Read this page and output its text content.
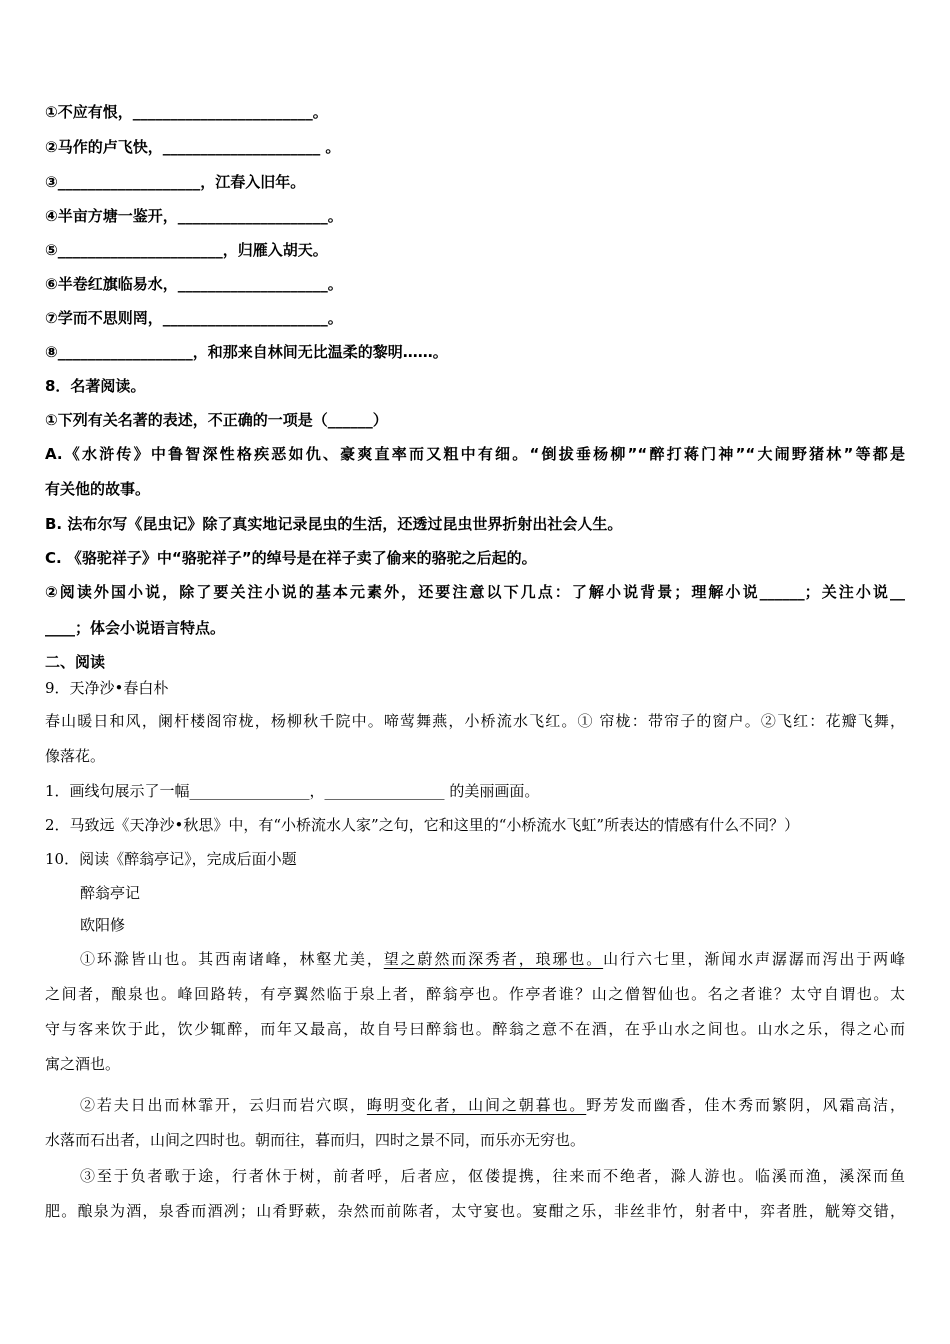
①不应有恨，________________________。
②马作的卢飞快，_____________________ 。
③___________________，江春入旧年。
④半亩方塘一鉴开，____________________。
⑤______________________，归雁入胡天。
⑥半卷红旗临易水，____________________。
⑦学而不思则罔，______________________。
⑧__________________，和那来自林间无比温柔的黎明……。
8．名著阅读。
①下列有关名著的表述，不正确的一项是（______）
A.《水浒传》中鲁智深性格疾恶如仇、豪爽直率而又粗中有细。“倒拔垂杨柳”“醉打蒋门神”“大闹野猪林”等都是
有关他的故事。
B. 法布尔写《昆虫记》除了真实地记录昆虫的生活，还透过昆虫世界折射出社会人生。
C. 《骆驼祥子》中“骆驼祥子”的绰号是在祥子卖了偷来的骆驼之后起的。
②阅读外国小说，除了要关注小说的基本元素外，还要注意以下几点：了解小说背景；理解小说______；关注小说__
____；体会小说语言特点。
二、阅读
9．天净沙•春白朴
春山暖日和风，阑杆楼阁帘栊，杨柳秋千院中。啼莺舞燕，小桥流水飞红。① 帘栊：带帘子的窗户。②飞红：花瓣飞舞，
像落花。
1．画线句展示了一幅________________，________________ 的美丽画面。
2．马致远《天净沙•秋思》中，有“小桥流水人家”之句，它和这里的“小桥流水飞虹”所表达的情感有什么不同？）
10．阅读《醉翁亭记》，完成后面小题
醉翁亭记
欧阳修
①环滁皆山也。其西南诸峰，林壑尤美，望之蔚然而深秀者，琅琊也。山行六七里，渐闻水声潺潺而泻出于两峰
之间者，酿泉也。峰回路转，有亭翼然临于泉上者，醉翁亭也。作亭者谁？山之僧智仙也。名之者谁？太守自谓也。太
守与客来饮于此，饮少辄醉，而年又最高，故自号曰醉翁也。醉翁之意不在酒，在乎山水之间也。山水之乐，得之心而
寓之酒也。
②若夫日出而林霏开，云归而岩穴暝，晦明变化者，山间之朝暮也。野芳发而幽香，佳木秀而繁阴，风霜高洁，
水落而石出者，山间之四时也。朝而往，暮而归，四时之景不同，而乐亦无穷也。
③至于负者歌于途，行者休于树，前者呼，后者应，伛偻提携，往来而不绝者，滁人游也。临溪而渔，溪深而鱼
肥。酿泉为酒，泉香而酒冽；山肴野蔌，杂然而前陈者，太守宴也。宴酣之乐，非丝非竹，射者中，弈者胜，觥筹交错，
